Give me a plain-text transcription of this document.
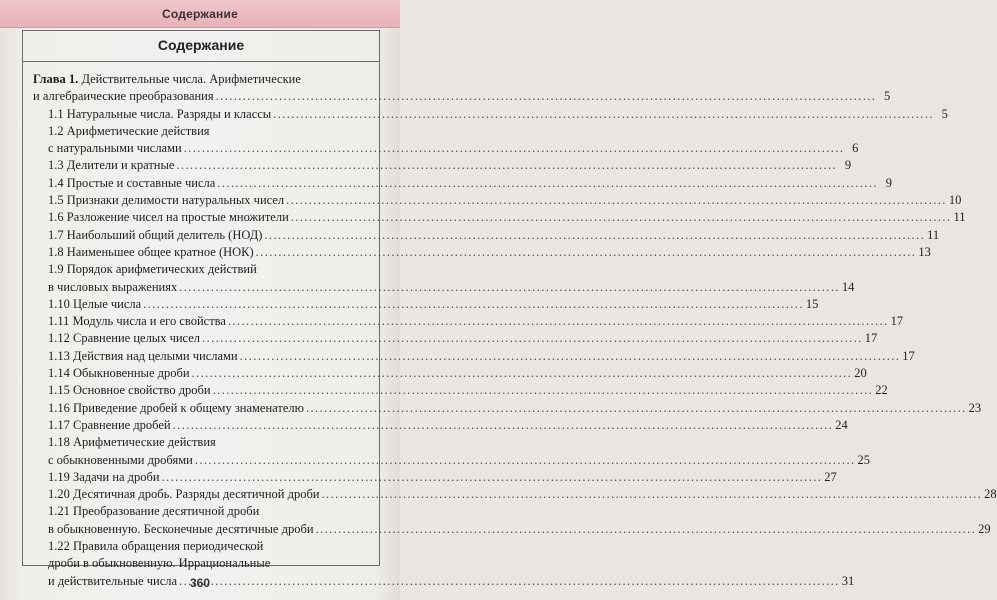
Содержание

Содержание
Глава 1. Действительные числа. Арифметические
и алгебраические преобразования .....	5
1.1 Натуральные числа. Разряды и классы .....	5
1.2 Арифметические действия
с натуральными числами .....	6
1.3 Делители и кратные .....	9
1.4 Простые и составные числа .....	9
1.5 Признаки делимости натуральных чисел .....	10
1.6 Разложение чисел на простые множители .....	11
1.7 Наибольший общий делитель (НОД) .....	11
1.8 Наименьшее общее кратное (НОК) .....	13
1.9 Порядок арифметических действий
в числовых выражениях .....	14
1.10 Целые числа .....	15
1.11 Модуль числа и его свойства .....	17
1.12 Сравнение целых чисел .....	17
1.13 Действия над целыми числами .....	17
1.14 Обыкновенные дроби .....	20
1.15 Основное свойство дроби .....	22
1.16 Приведение дробей к общему знаменателю .....	23
1.17 Сравнение дробей .....	24
1.18 Арифметические действия
с обыкновенными дробями .....	25
1.19 Задачи на дроби .....	27
1.20 Десятичная дробь. Разряды десятичной дроби .....	28
1.21 Преобразование десятичной дроби
в обыкновенную. Бесконечные десятичные дроби .....	29
1.22 Правила обращения периодической
дроби в обыкновенную. Иррациональные
и действительные числа .....	31
360
